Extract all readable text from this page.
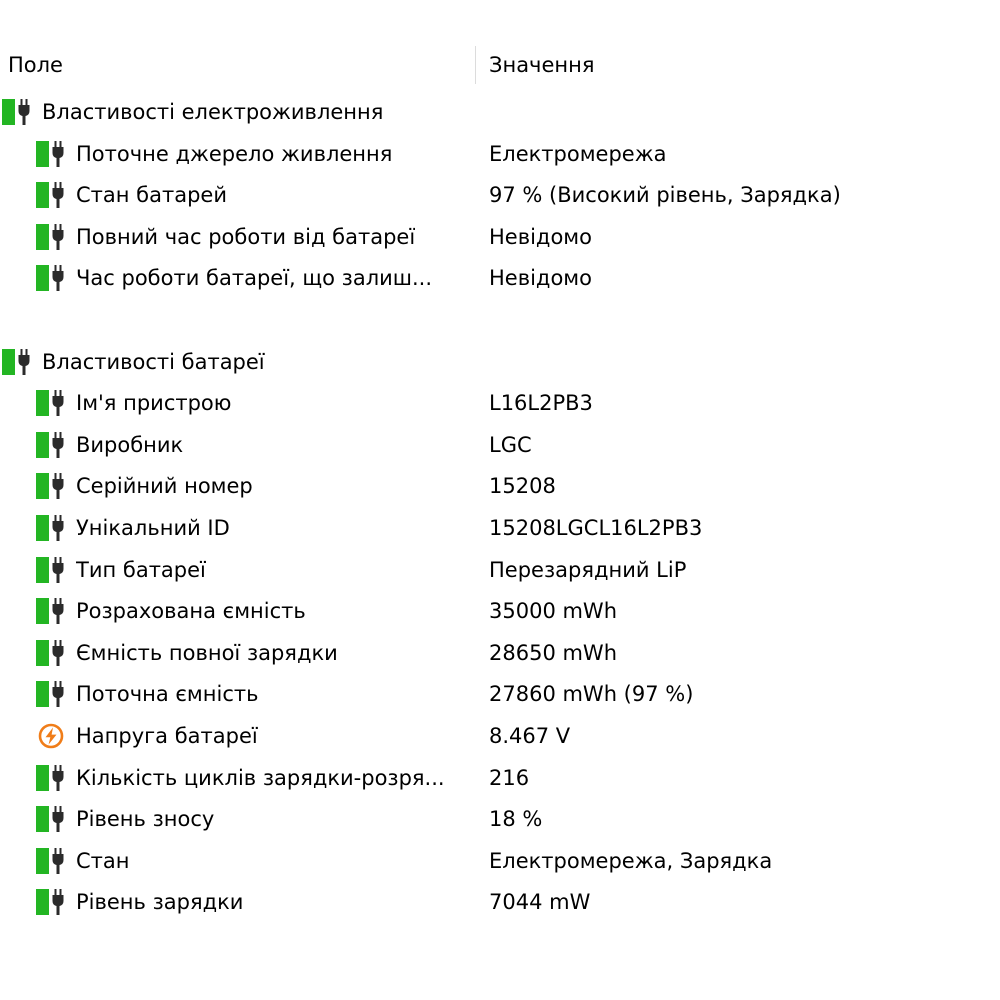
Поле	Значення
Властивості електроживлення
Поточне джерело живлення	Електромережа
Стан батарей	97 % (Високий рівень, Зарядка)
Повний час роботи від батареї	Невідомо
Час роботи батареї, що залиш...	Невідомо
Властивості батареї
Ім'я пристрою	L16L2PB3
Виробник	LGC
Серійний номер	15208
Унікальний ID	15208LGCL16L2PB3
Тип батареї	Перезарядний LiP
Розрахована ємність	35000 mWh
Ємність повної зарядки	28650 mWh
Поточна ємність	27860 mWh (97 %)
Напруга батареї	8.467 V
Кількість циклів зарядки-розря... 216
Рівень зносу	18 %
Стан	Електромережа, Зарядка
Рівень зарядки	7044 mW
